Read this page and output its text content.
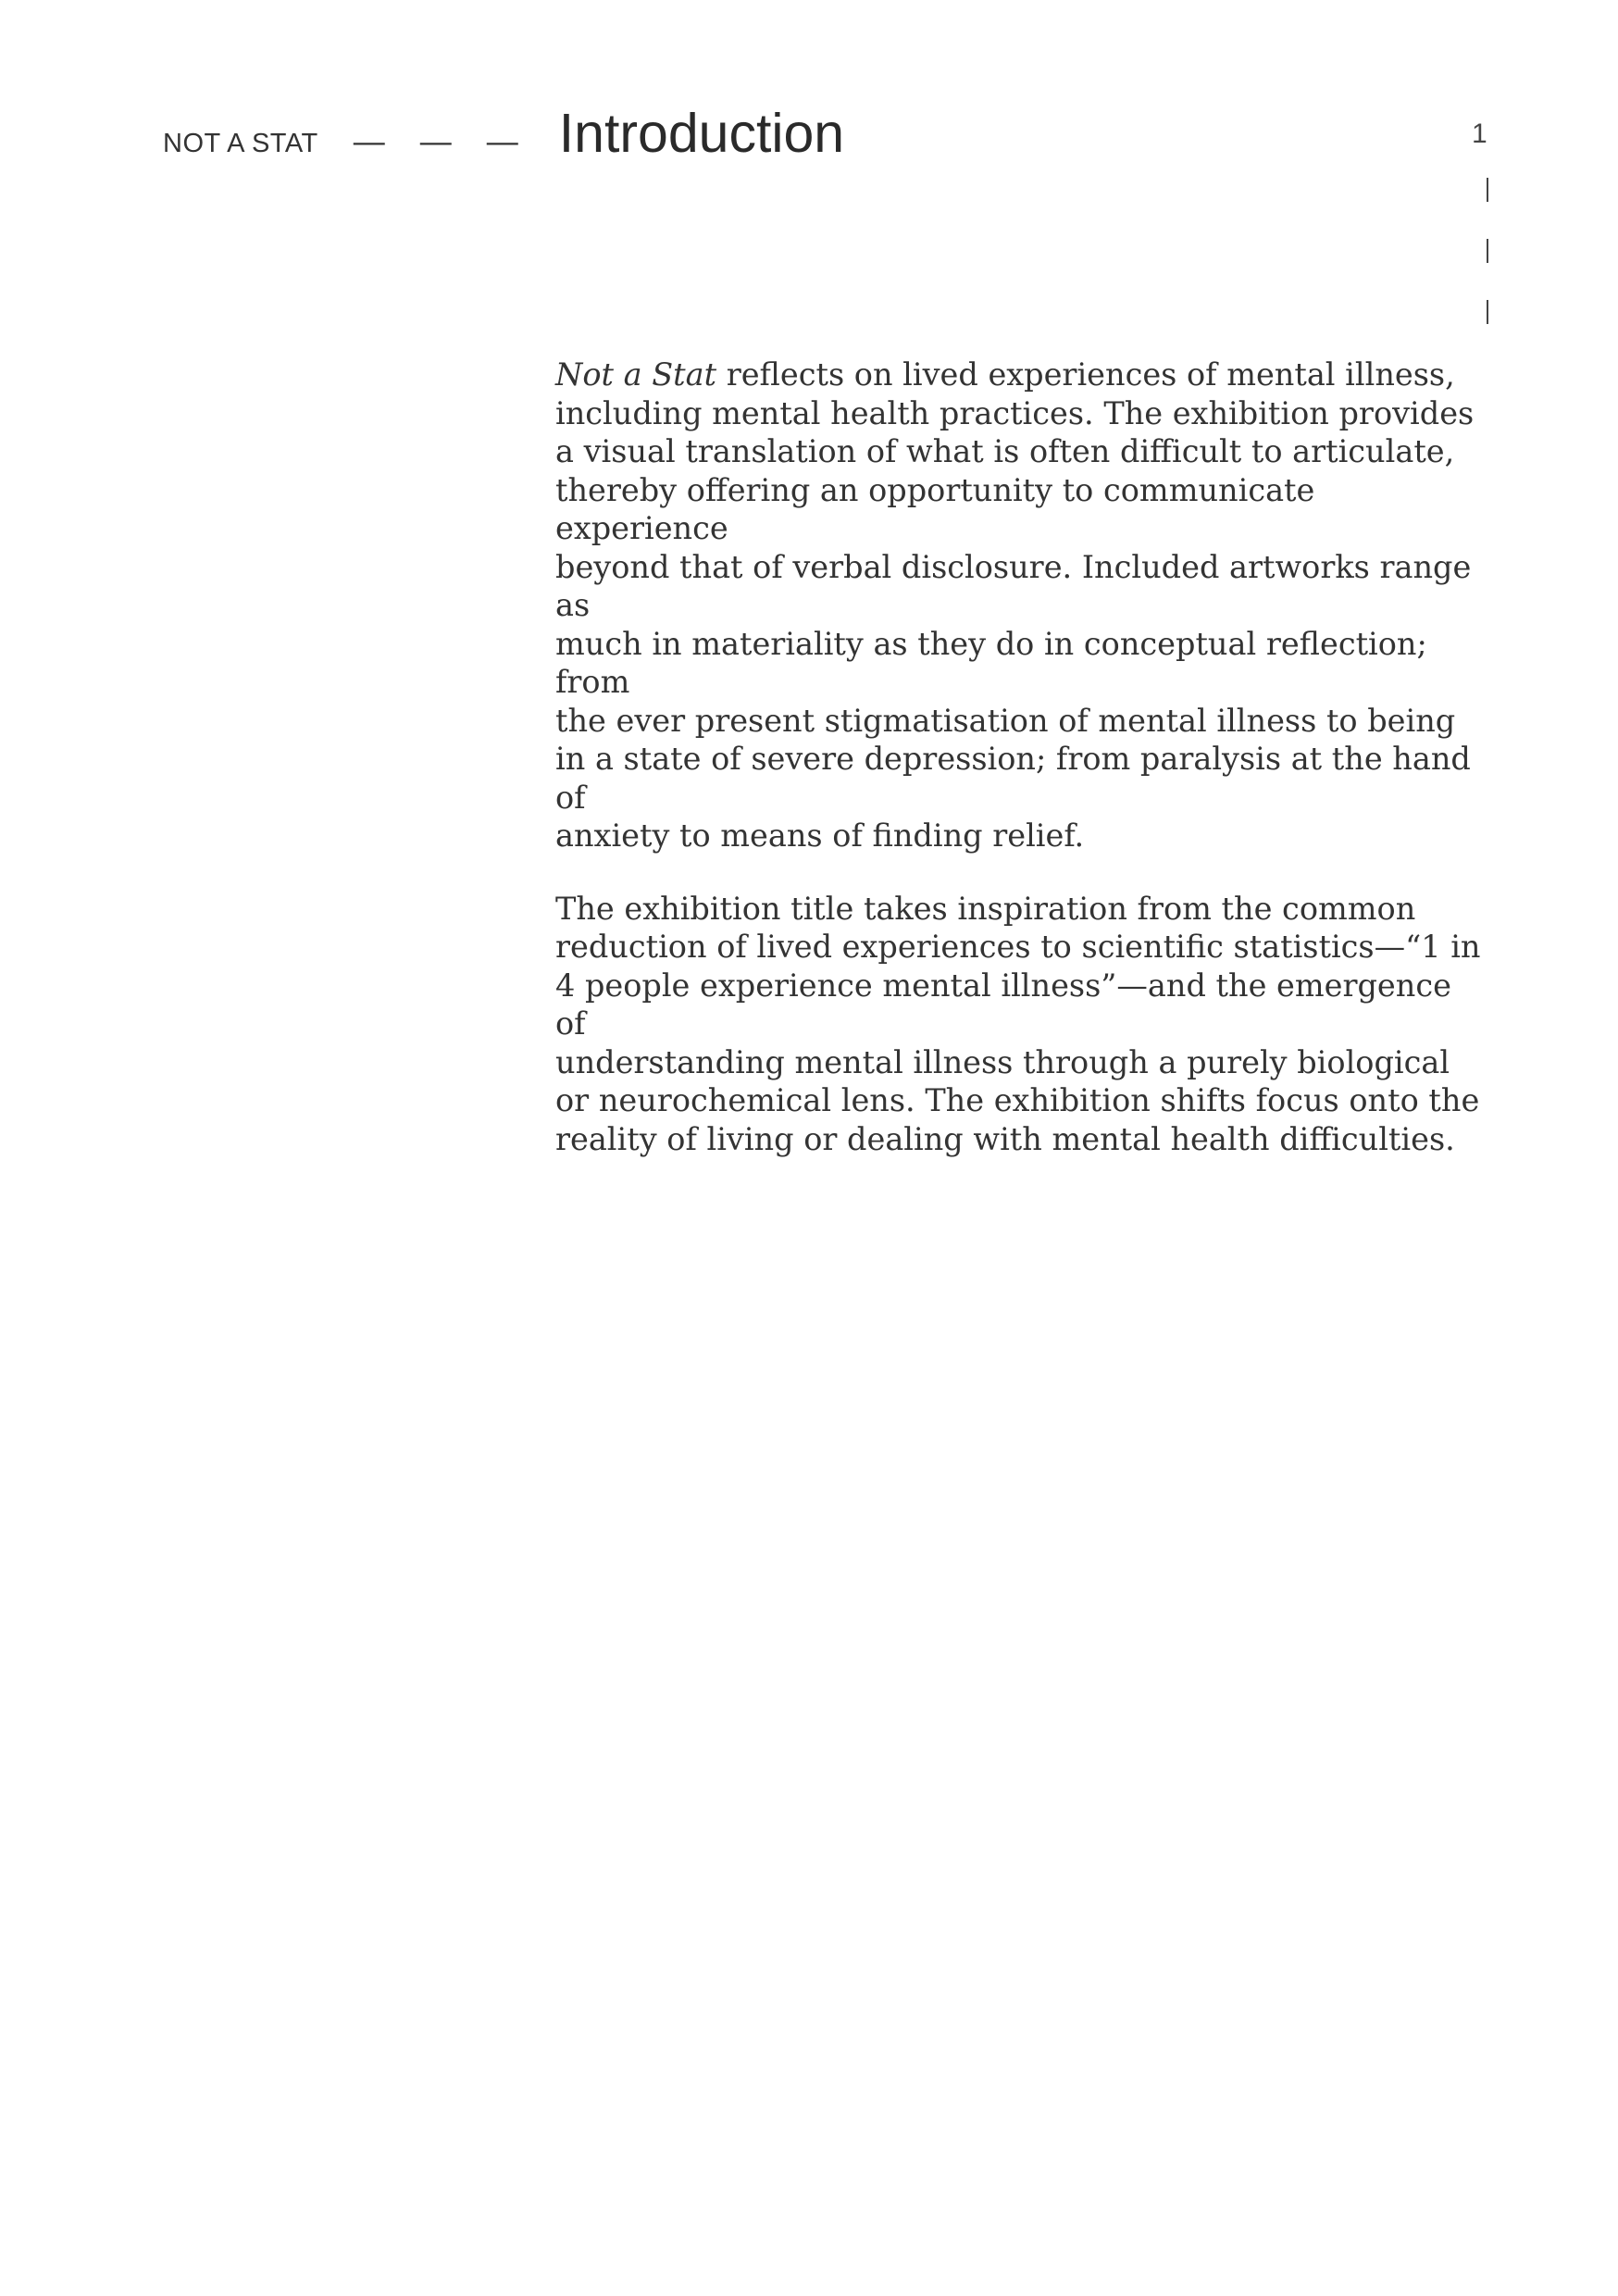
NOT A STAT — — — Introduction	1

Not a Stat reflects on lived experiences of mental illness,
including mental health practices. The exhibition provides
a visual translation of what is often difficult to articulate,
thereby offering an opportunity to communicate experience
beyond that of verbal disclosure. Included artworks range as
much in materiality as they do in conceptual reflection; from
the ever present stigmatisation of mental illness to being
in a state of severe depression; from paralysis at the hand of
anxiety to means of finding relief.

The exhibition title takes inspiration from the common
reduction of lived experiences to scientific statistics—“1 in
4 people experience mental illness”—and the emergence of
understanding mental illness through a purely biological
or neurochemical lens. The exhibition shifts focus onto the
reality of living or dealing with mental health difficulties.
